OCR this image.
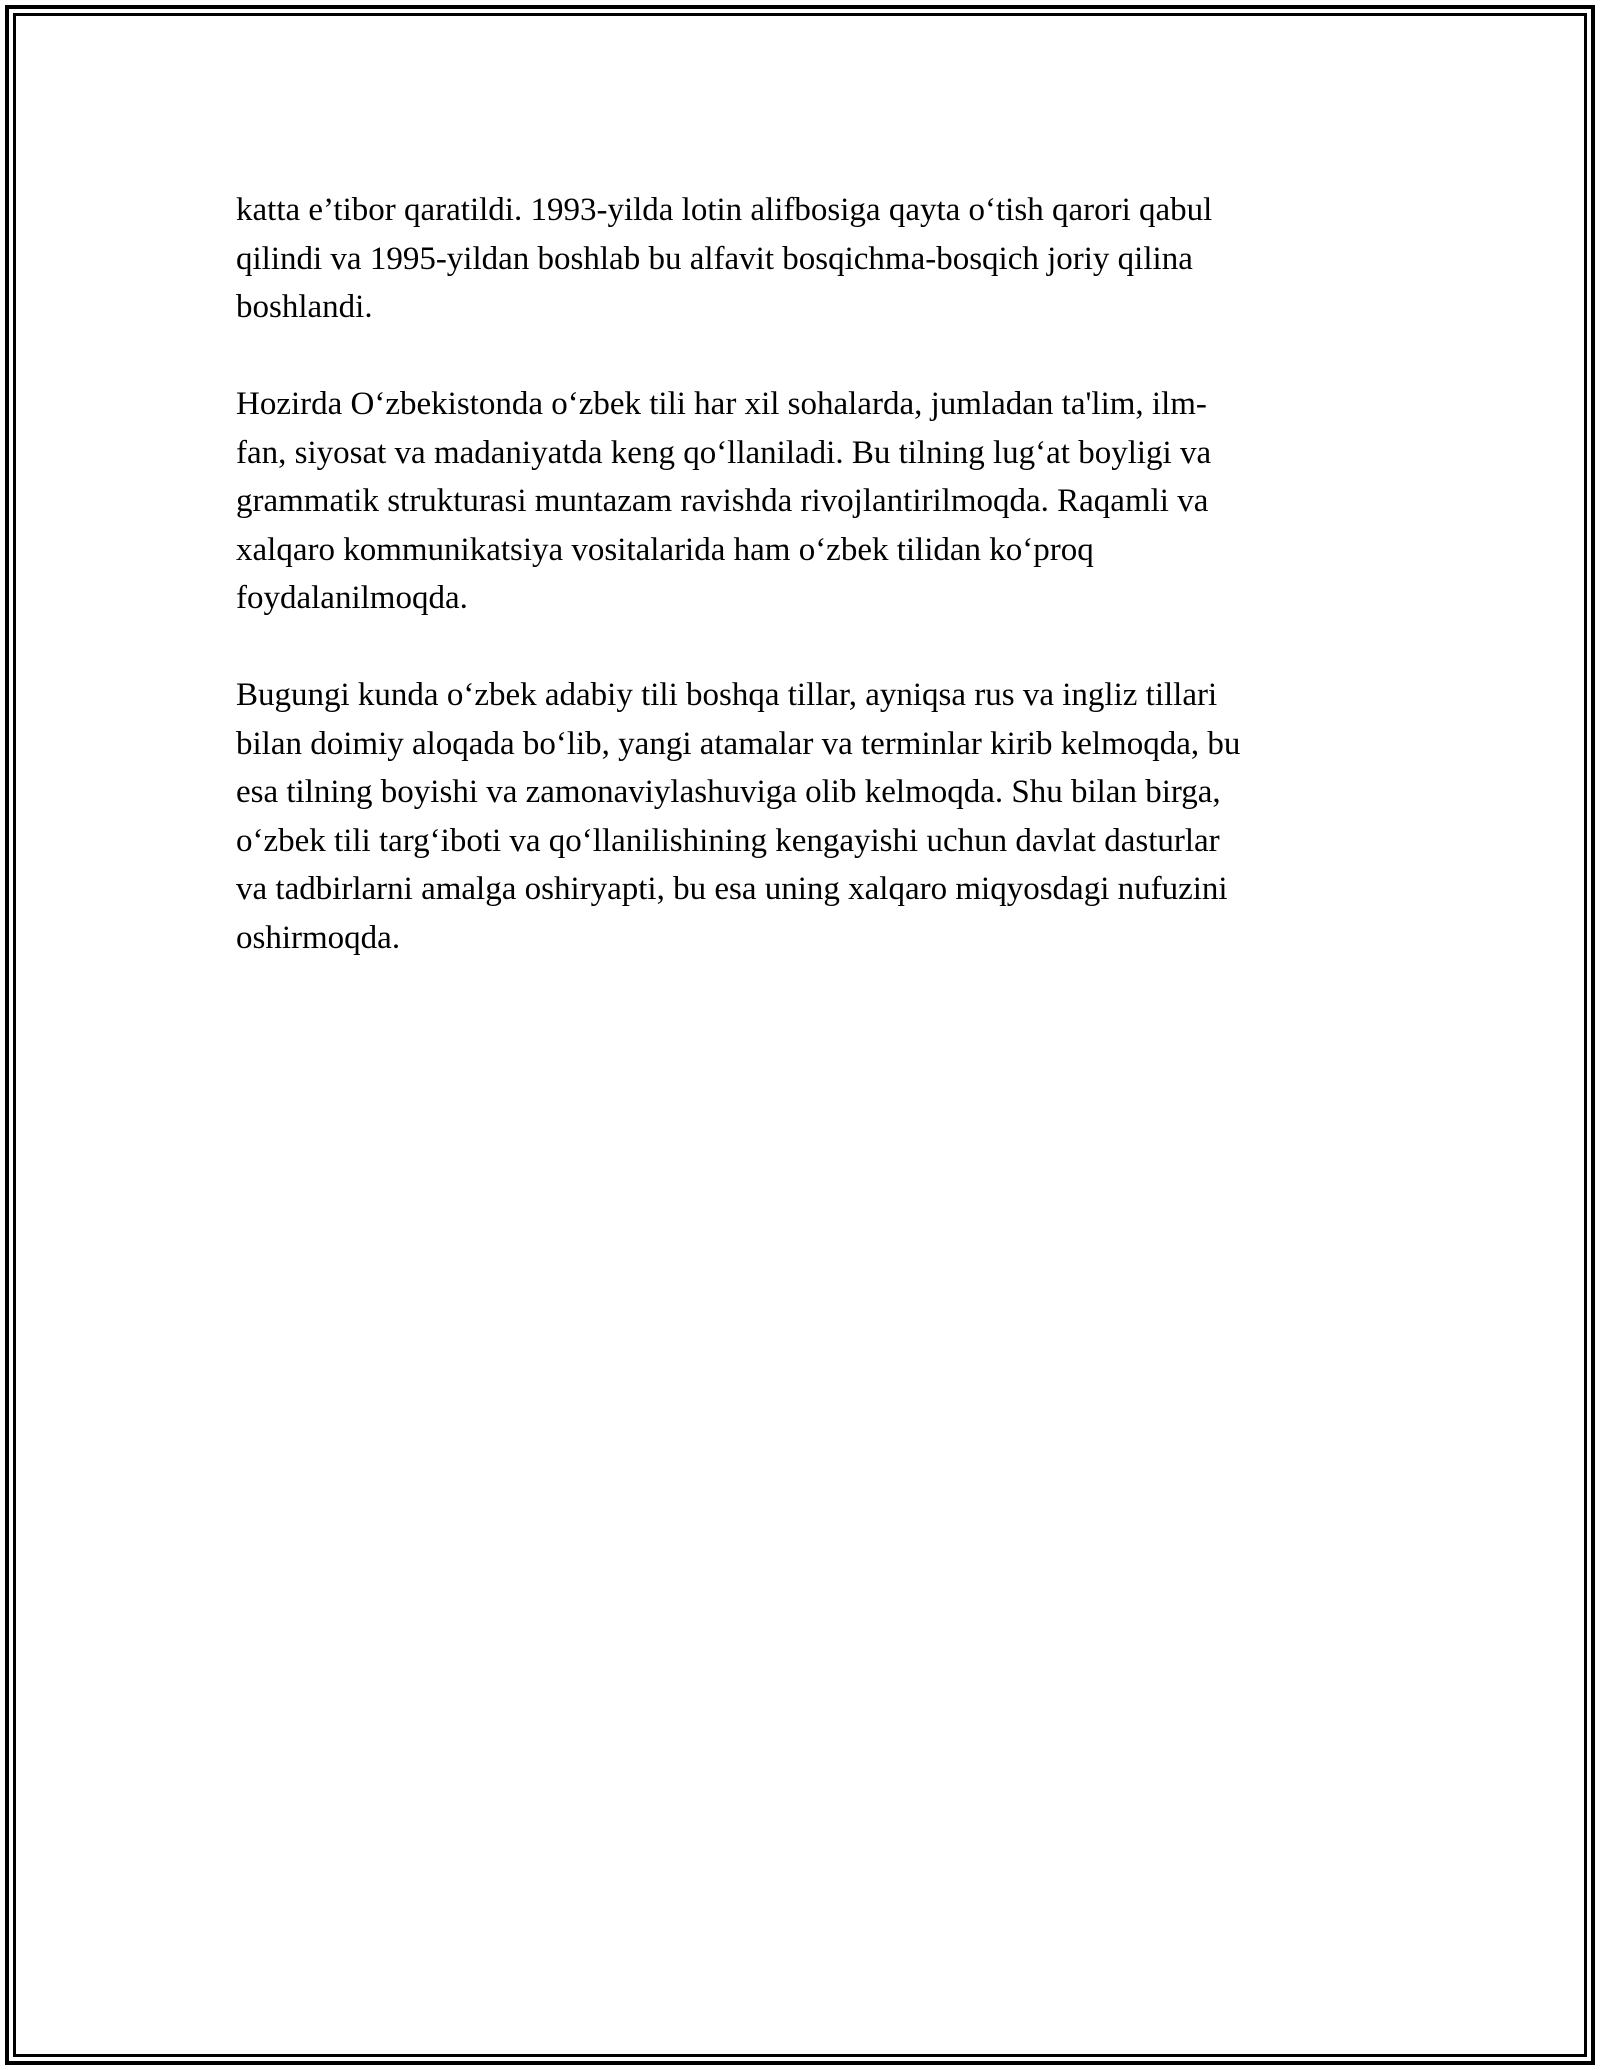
katta e’tibor qaratildi. 1993-yilda lotin alifbosiga qayta o‘tish qarori qabul
qilindi va 1995-yildan boshlab bu alfavit bosqichma-bosqich joriy qilina
boshlandi.

Hozirda O‘zbekistonda o‘zbek tili har xil sohalarda, jumladan ta'lim, ilm-
fan, siyosat va madaniyatda keng qo‘llaniladi. Bu tilning lug‘at boyligi va
grammatik strukturasi muntazam ravishda rivojlantirilmoqda. Raqamli va
xalqaro kommunikatsiya vositalarida ham o‘zbek tilidan ko‘proq
foydalanilmoqda.

Bugungi kunda o‘zbek adabiy tili boshqa tillar, ayniqsa rus va ingliz tillari
bilan doimiy aloqada bo‘lib, yangi atamalar va terminlar kirib kelmoqda, bu
esa tilning boyishi va zamonaviylashuviga olib kelmoqda. Shu bilan birga,
o‘zbek tili targ‘iboti va qo‘llanilishining kengayishi uchun davlat dasturlar
va tadbirlarni amalga oshiryapti, bu esa uning xalqaro miqyosdagi nufuzini
oshirmoqda.
